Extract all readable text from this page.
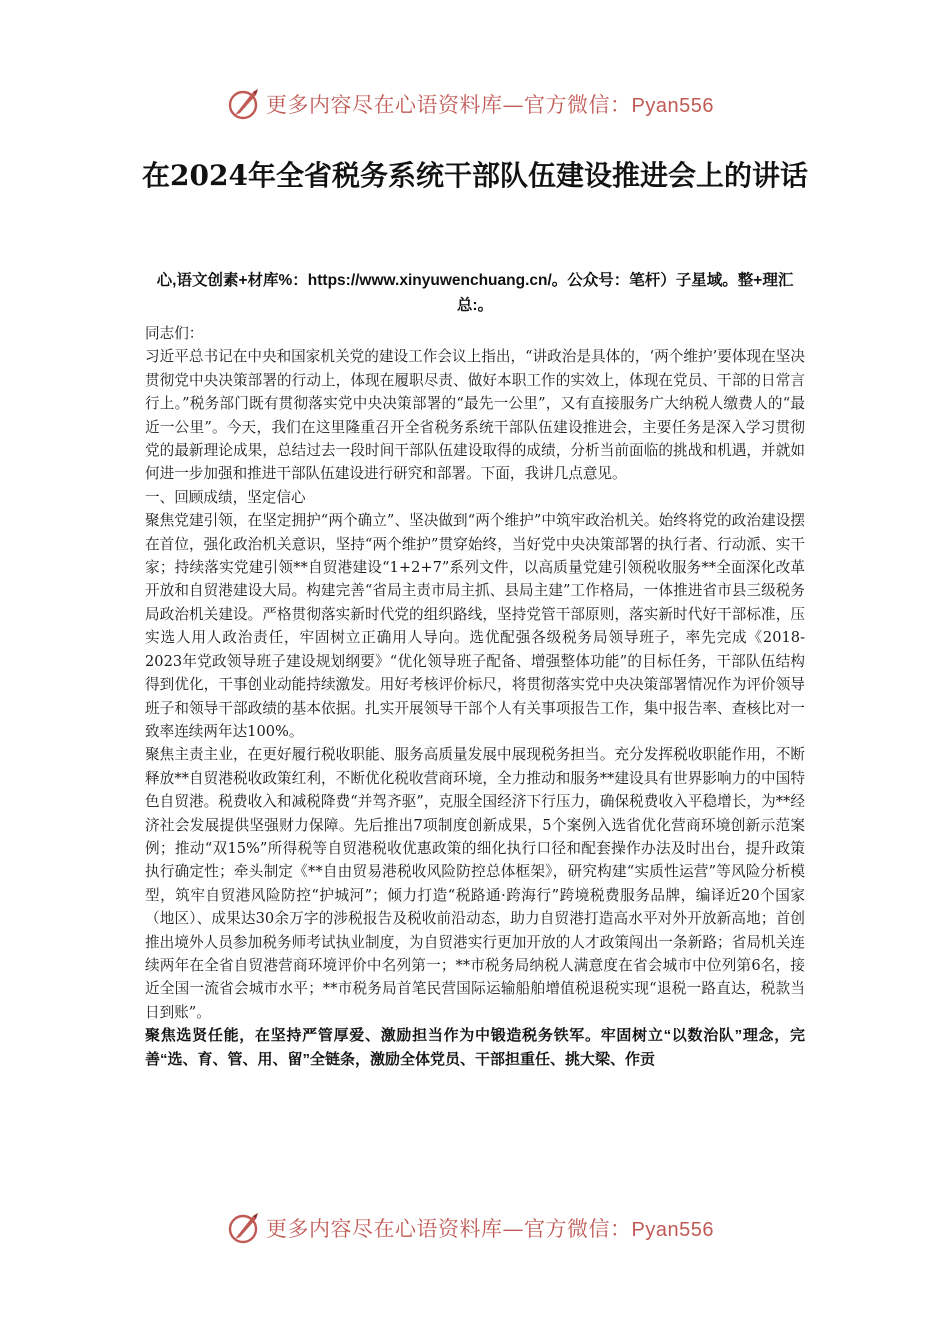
更多内容尽在心语资料库—官方微信：Pyan556
在2024年全省税务系统干部队伍建设推进会上的讲话
心,语文创素+材库%：https://www.xinyuwenchuang.cn/。公众号：笔杆）子星域。整+理汇总:。

同志们：

习近平总书记在中央和国家机关党的建设工作会议上指出，“讲政治是具体的，‘两个维护’要体现在坚决贯彻党中央决策部署的行动上，体现在履职尽责、做好本职工作的实效上，体现在党员、干部的日常言行上。”税务部门既有贯彻落实党中央决策部署的“最先一公里”，又有直接服务广大纳税人缴费人的“最近一公里”。今天，我们在这里隆重召开全省税务系统干部队伍建设推进会，主要任务是深入学习贯彻党的最新理论成果，总结过去一段时间干部队伍建设取得的成绩，分析当前面临的挑战和机遇，并就如何进一步加强和推进干部队伍建设进行研究和部署。下面，我讲几点意见。

一、回顾成绩，坚定信心

聚焦党建引领，在坚定拥护“两个确立”、坚决做到“两个维护”中筑牢政治机关。始终将党的政治建设摆在首位，强化政治机关意识，坚持“两个维护”贯穿始终，当好党中央决策部署的执行者、行动派、实干家；持续落实党建引领**自贸港建设“1+2+7”系列文件，以高质量党建引领税收服务**全面深化改革开放和自贸港建设大局。构建完善“省局主责市局主抓、县局主建”工作格局，一体推进省市县三级税务局政治机关建设。严格贯彻落实新时代党的组织路线，坚持党管干部原则，落实新时代好干部标准，压实选人用人政治责任，牢固树立正确用人导向。选优配强各级税务局领导班子，率先完成《2018-2023年党政领导班子建设规划纲要》“优化领导班子配备、增强整体功能”的目标任务，干部队伍结构得到优化，干事创业动能持续激发。用好考核评价标尺，将贯彻落实党中央决策部署情况作为评价领导班子和领导干部政绩的基本依据。扎实开展领导干部个人有关事项报告工作，集中报告率、查核比对一致率连续两年达100%。

聚焦主责主业，在更好履行税收职能、服务高质量发展中展现税务担当。充分发挥税收职能作用，不断释放**自贸港税收政策红利，不断优化税收营商环境，全力推动和服务**建设具有世界影响力的中国特色自贸港。税费收入和减税降费“并驾齐驱”，克服全国经济下行压力，确保税费收入平稳增长，为**经济社会发展提供坚强财力保障。先后推出7项制度创新成果，5个案例入选省优化营商环境创新示范案例；推动“双15%”所得税等自贸港税收优惠政策的细化执行口径和配套操作办法及时出台，提升政策执行确定性；牵头制定《**自由贸易港税收风险防控总体框架》，研究构建“实质性运营”等风险分析模型，筑牢自贸港风险防控“护城河”；倾力打造“税路通·跨海行”跨境税费服务品牌，编译近20个国家（地区）、成果达30余万字的涉税报告及税收前沿动态，助力自贸港打造高水平对外开放新高地；首创推出境外人员参加税务师考试执业制度，为自贸港实行更加开放的人才政策闯出一条新路；省局机关连续两年在全省自贸港营商环境评价中名列第一；**市税务局纳税人满意度在省会城市中位列第6名，接近全国一流省会城市水平；**市税务局首笔民营国际运输船舶增值税退税实现“退税一路直达，税款当日到账”。

聚焦选贤任能，在坚持严管厚爱、激励担当作为中锻造税务铁军。牢固树立“以数治队”理念，完善“选、育、管、用、留”全链条，激励全体党员、干部担重任、挑大梁、作贡

更多内容尽在心语资料库—官方微信：Pyan556
